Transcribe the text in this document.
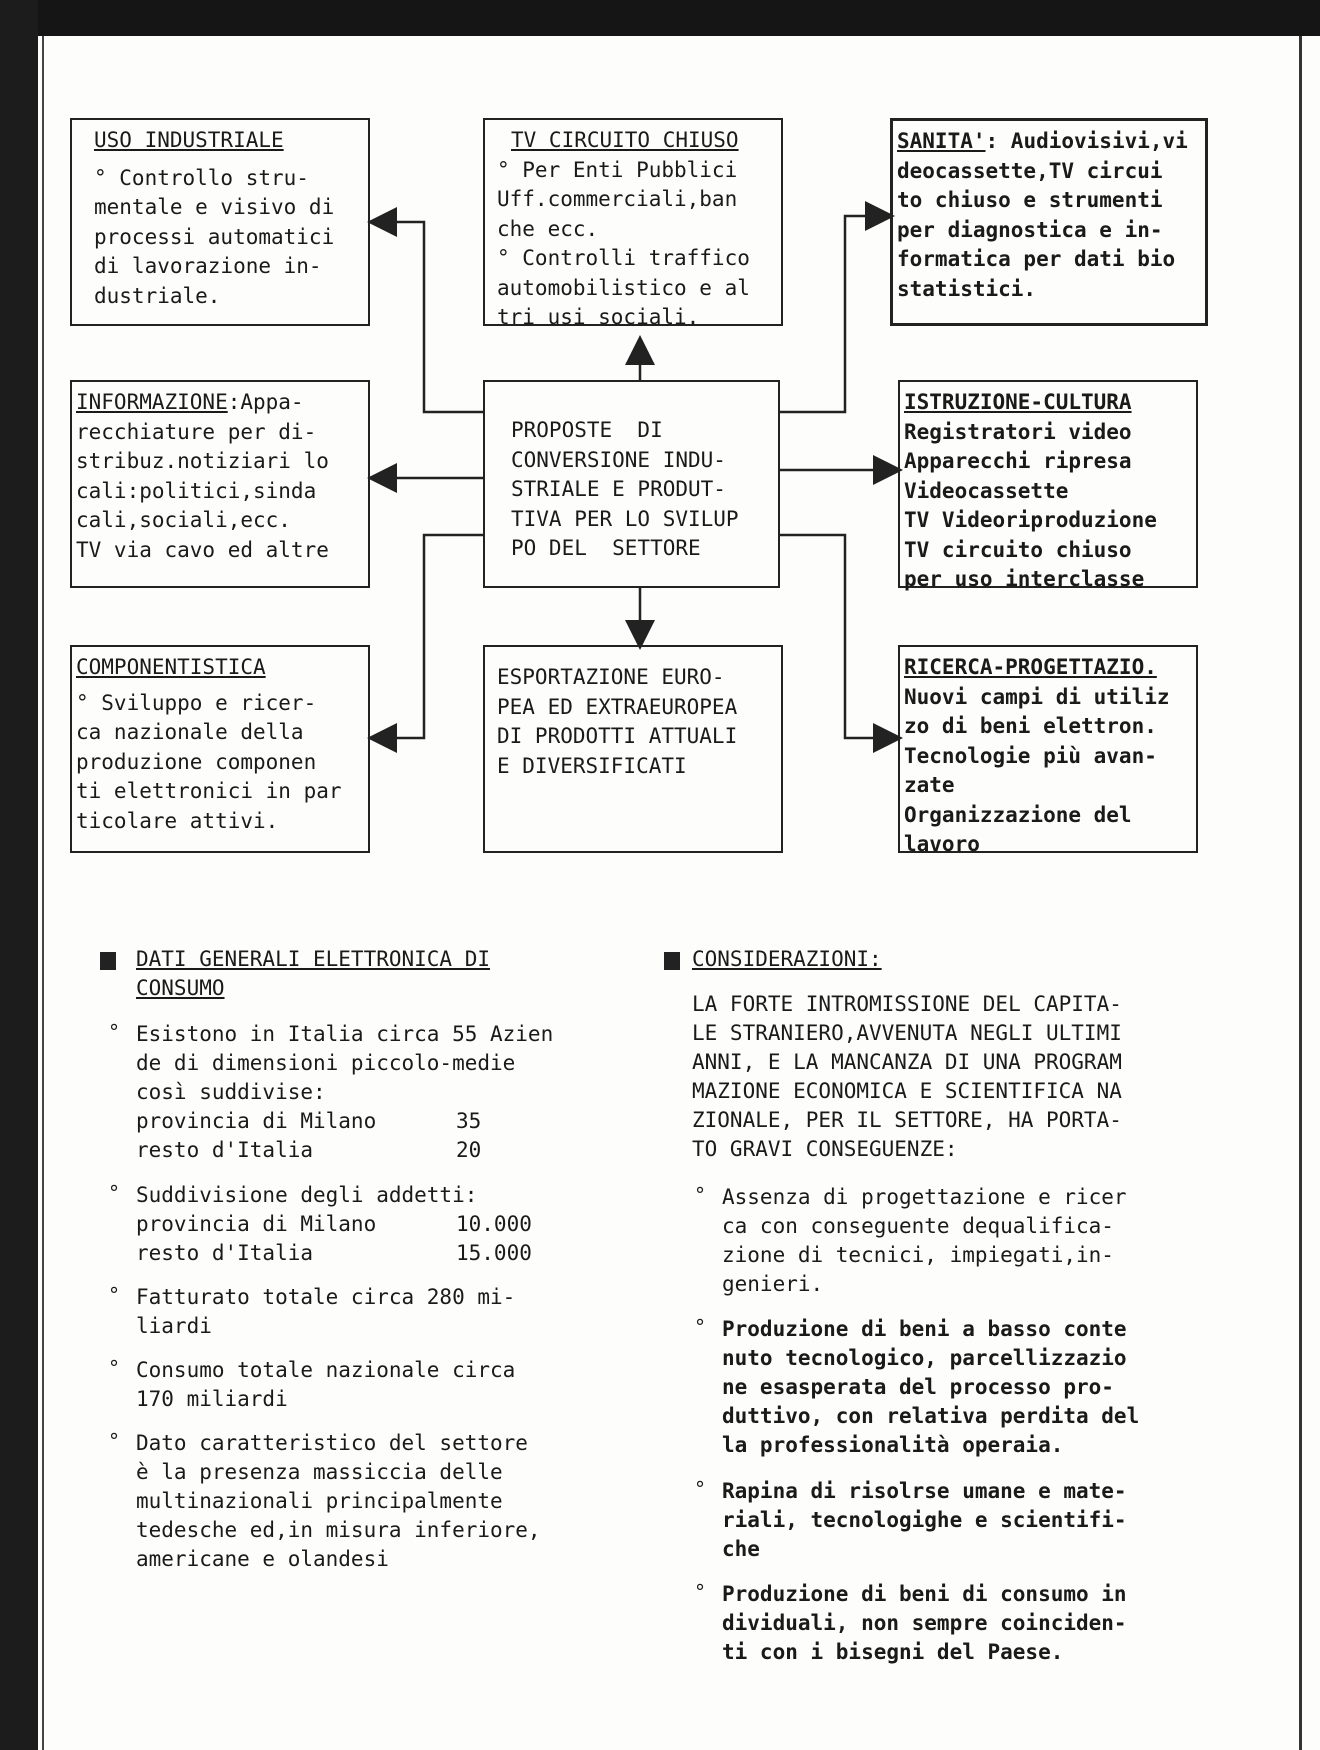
USO INDUSTRIALE
° Controllo stru-
mentale e visivo di
processi automatici
di lavorazione in-
dustriale.
TV CIRCUITO CHIUSO
° Per Enti Pubblici
Uff.commerciali,ban
che ecc.
° Controlli traffico
automobilistico e al
tri usi sociali.
SANITA': Audiovisivi,vi
deocassette,TV circui
to chiuso e strumenti
per diagnostica e in-
formatica per dati bio
statistici.
INFORMAZIONE:Appa-
recchiature per di-
stribuz.notiziari lo
cali:politici,sinda
cali,sociali,ecc.
TV via cavo ed altre
PROPOSTE  DI
CONVERSIONE INDU-
STRIALE E PRODUT-
TIVA PER LO SVILUP
PO DEL  SETTORE
ISTRUZIONE-CULTURA
Registratori video
Apparecchi ripresa
Videocassette
TV Videoriproduzione
TV circuito chiuso
per uso interclasse
COMPONENTISTICA
° Sviluppo e ricer-
ca nazionale della
produzione componen
ti elettronici in par
ticolare attivi.
ESPORTAZIONE EURO-
PEA ED EXTRAEUROPEA
DI PRODOTTI ATTUALI
E DIVERSIFICATI
RICERCA-PROGETTAZIO.
Nuovi campi di utiliz
zo di beni elettron.
Tecnologie più avan-
zate
Organizzazione del
lavoro
DATI GENERALI ELETTRONICA DI
CONSUMO
° Esistono in Italia circa 55 Azien
de di dimensioni piccolo-medie
così suddivise:
provincia di Milano	35
resto d'Italia	20
° Suddivisione degli addetti:
provincia di Milano	10.000
resto d'Italia	15.000
° Fatturato totale circa 280 mi-
liardi
° Consumo totale nazionale circa
170 miliardi
° Dato caratteristico del settore
è la presenza massiccia delle
multinazionali principalmente
tedesche ed,in misura inferiore,
americane e olandesi
CONSIDERAZIONI:
LA FORTE INTROMISSIONE DEL CAPITA-
LE STRANIERO,AVVENUTA NEGLI ULTIMI
ANNI, E LA MANCANZA DI UNA PROGRAM
MAZIONE ECONOMICA E SCIENTIFICA NA
ZIONALE, PER IL SETTORE, HA PORTA-
TO GRAVI CONSEGUENZE:
° Assenza di progettazione e ricer
ca con conseguente dequalifica-
zione di tecnici, impiegati,in-
genieri.
° Produzione di beni a basso conte
nuto tecnologico, parcellizzazio
ne esasperata del processo pro-
duttivo, con relativa perdita del
la professionalità operaia.
° Rapina di risolrse umane e mate-
riali, tecnologighe e scientifi-
che
° Produzione di beni di consumo in
dividuali, non sempre coinciden-
ti con i bisegni del Paese.
